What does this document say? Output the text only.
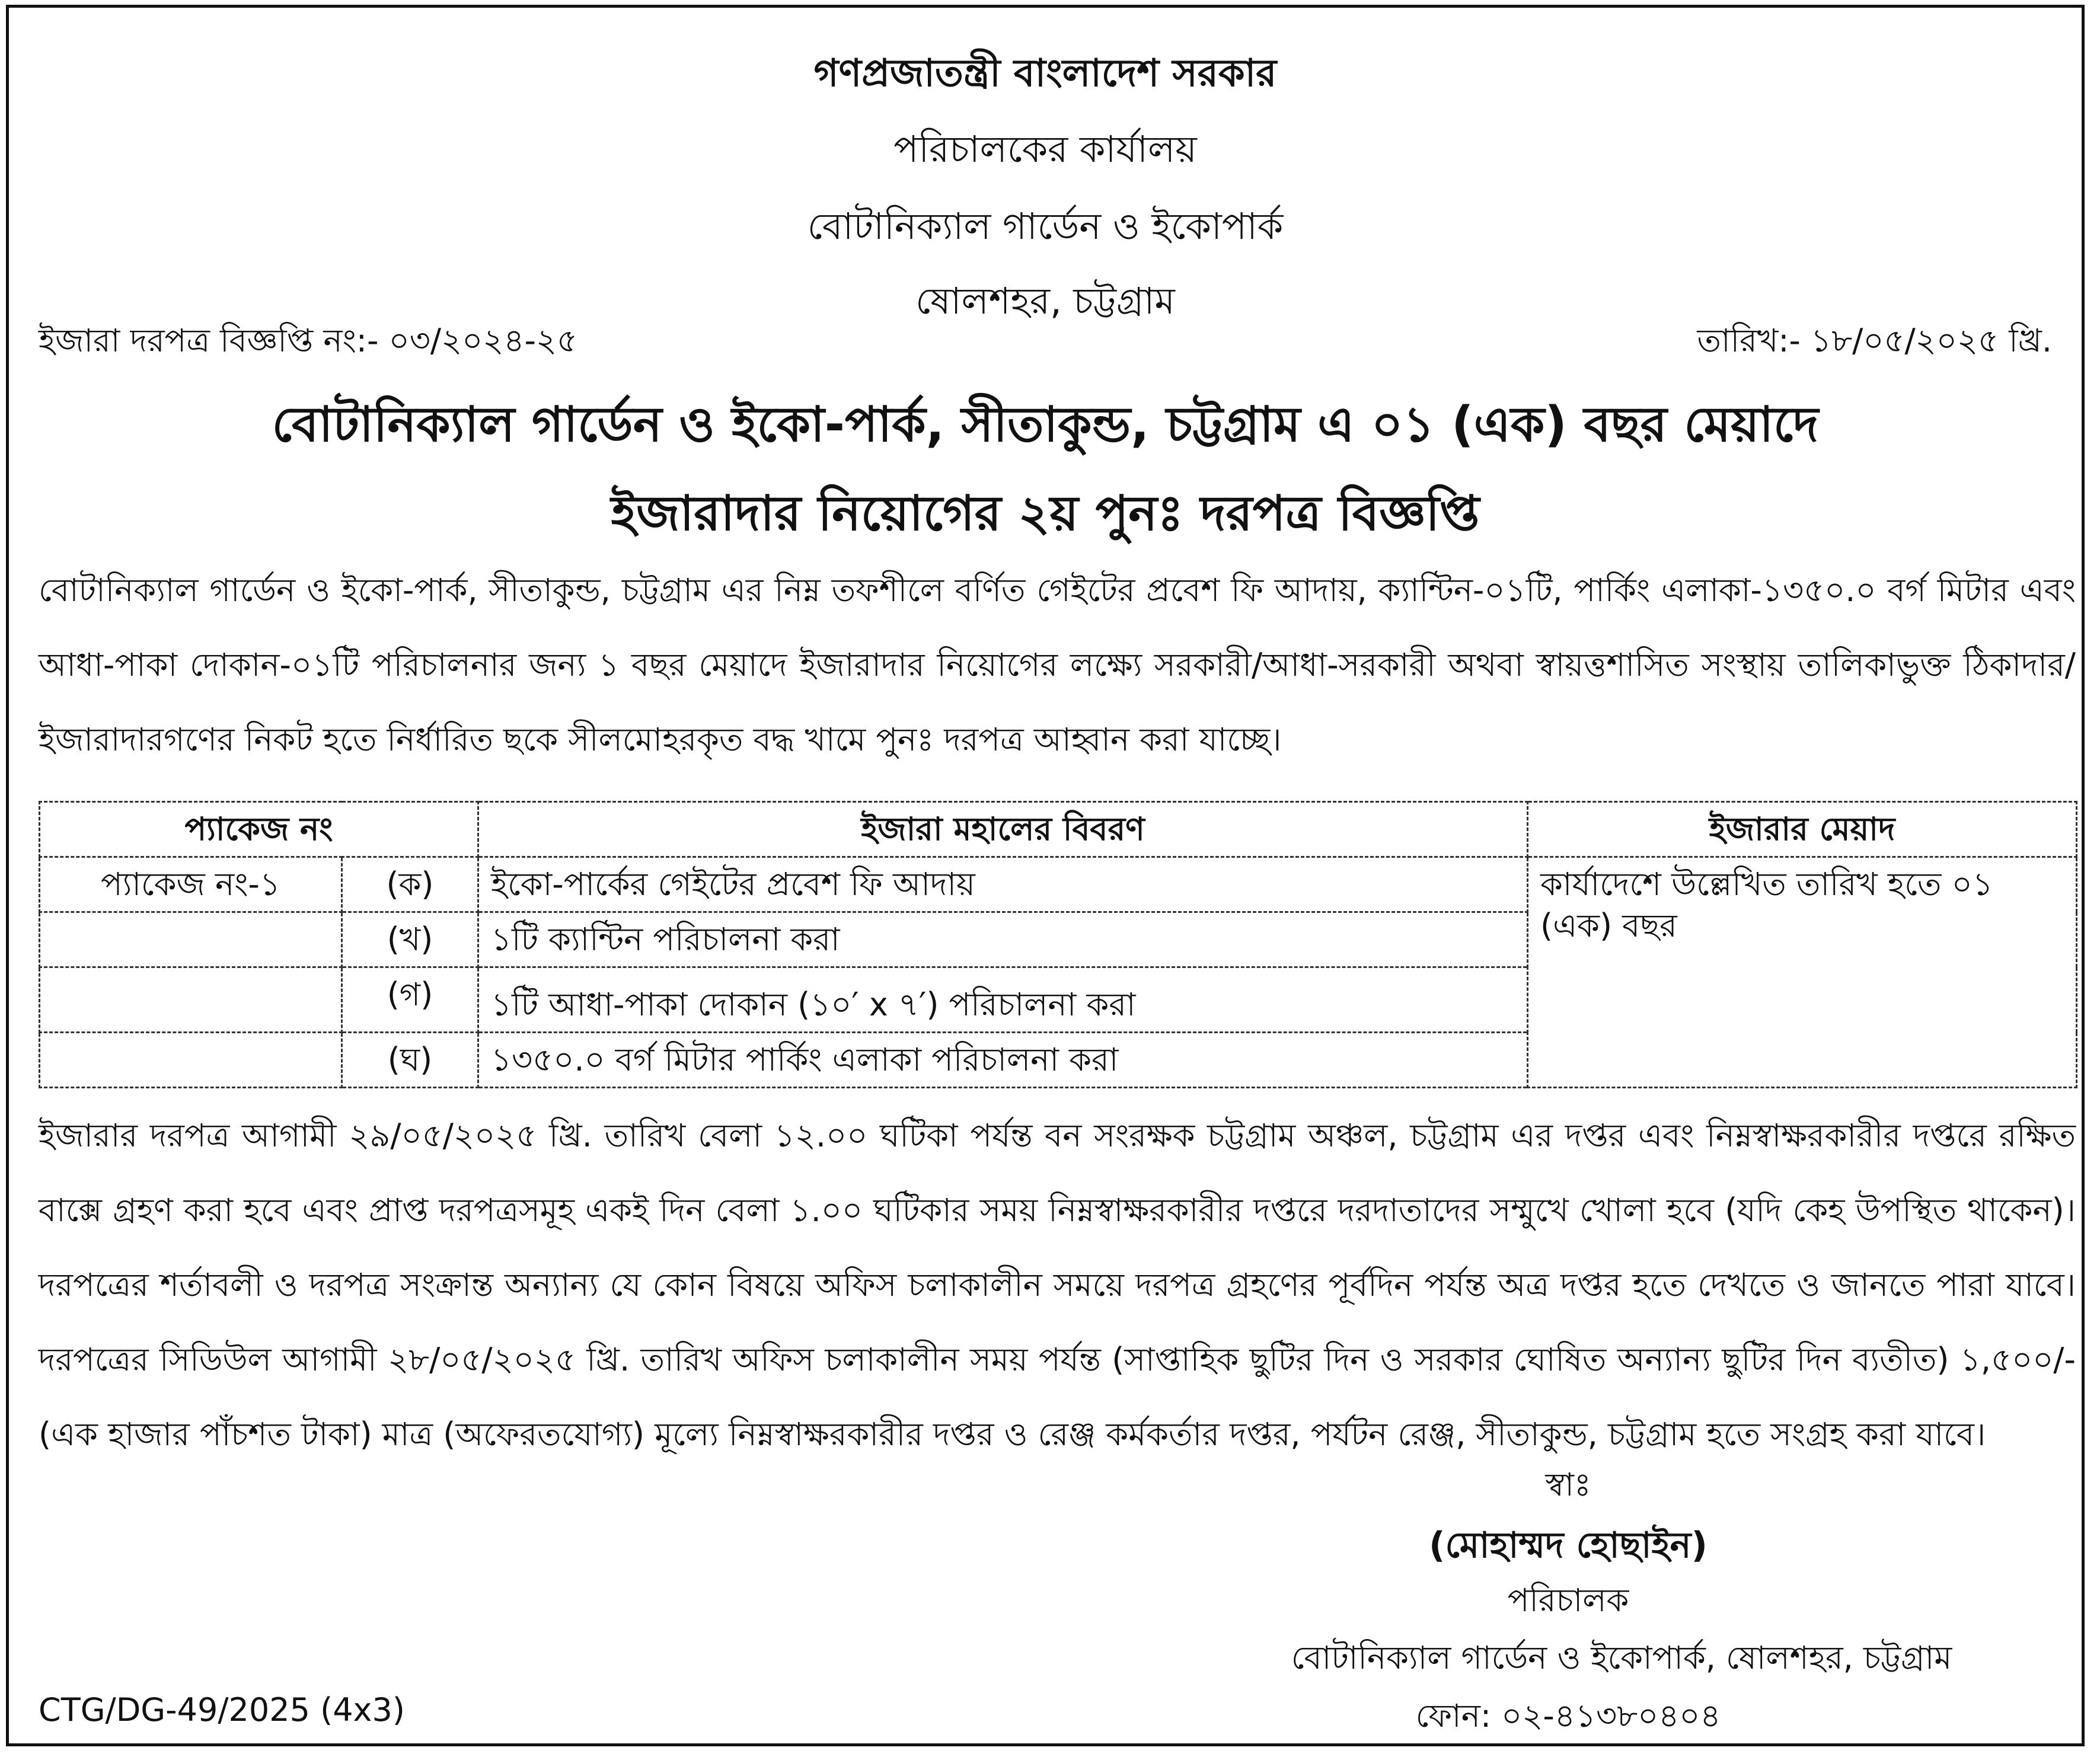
গণপ্রজাতন্ত্রী বাংলাদেশ সরকার
পরিচালকের কার্যালয়
বোটানিক্যাল গার্ডেন ও ইকোপার্ক
ষোলশহর, চট্টগ্রাম
ইজারা দরপত্র বিজ্ঞপ্তি নং:- ০৩/২০২৪-২৫	তারিখ:- ১৮/০৫/২০২৫ খ্রি.
বোটানিক্যাল গার্ডেন ও ইকো-পার্ক, সীতাকুন্ড, চট্টগ্রাম এ ০১ (এক) বছর মেয়াদে
ইজারাদার নিয়োগের ২য় পুনঃ দরপত্র বিজ্ঞপ্তি
বোটানিক্যাল গার্ডেন ও ইকো-পার্ক, সীতাকুন্ড, চট্টগ্রাম এর নিম্ন তফশীলে বর্ণিত গেইটের প্রবেশ ফি আদায়, ক্যান্টিন-০১টি, পার্কিং এলাকা-১৩৫০.০ বর্গ মিটার এবং আধা-পাকা দোকান-০১টি পরিচালনার জন্য ১ বছর মেয়াদে ইজারাদার নিয়োগের লক্ষ্যে সরকারী/আধা-সরকারী অথবা স্বায়ত্তশাসিত সংস্থায় তালিকাভুক্ত ঠিকাদার/ইজারাদারগণের নিকট হতে নির্ধারিত ছকে সীলমোহরকৃত বদ্ধ খামে পুনঃ দরপত্র আহ্বান করা যাচ্ছে।
প্যাকেজ নং		ইজারা মহালের বিবরণ	ইজারার মেয়াদ
প্যাকেজ নং-১	(ক)	ইকো-পার্কের গেইটের প্রবেশ ফি আদায়	কার্যাদেশে উল্লেখিত তারিখ হতে ০১ (এক) বছর
	(খ)	১টি ক্যান্টিন পরিচালনা করা	
	(গ)	১টি আধা-পাকা দোকান (১০′ x ৭′) পরিচালনা করা	
	(ঘ)	১৩৫০.০ বর্গ মিটার পার্কিং এলাকা পরিচালনা করা	
ইজারার দরপত্র আগামী ২৯/০৫/২০২৫ খ্রি. তারিখ বেলা ১২.০০ ঘটিকা পর্যন্ত বন সংরক্ষক চট্টগ্রাম অঞ্চল, চট্টগ্রাম এর দপ্তর এবং নিম্নস্বাক্ষরকারীর দপ্তরে রক্ষিত বাক্সে গ্রহণ করা হবে এবং প্রাপ্ত দরপত্রসমূহ একই দিন বেলা ১.০০ ঘটিকার সময় নিম্নস্বাক্ষরকারীর দপ্তরে দরদাতাদের সম্মুখে খোলা হবে (যদি কেহ উপস্থিত থাকেন)। দরপত্রের শর্তাবলী ও দরপত্র সংক্রান্ত অন্যান্য যে কোন বিষয়ে অফিস চলাকালীন সময়ে দরপত্র গ্রহণের পূর্বদিন পর্যন্ত অত্র দপ্তর হতে দেখতে ও জানতে পারা যাবে। দরপত্রের সিডিউল আগামী ২৮/০৫/২০২৫ খ্রি. তারিখ অফিস চলাকালীন সময় পর্যন্ত (সাপ্তাহিক ছুটির দিন ও সরকার ঘোষিত অন্যান্য ছুটির দিন ব্যতীত) ১,৫০০/- (এক হাজার পাঁচশত টাকা) মাত্র (অফেরতযোগ্য) মূল্যে নিম্নস্বাক্ষরকারীর দপ্তর ও রেঞ্জ কর্মকর্তার দপ্তর, পর্যটন রেঞ্জ, সীতাকুন্ড, চট্টগ্রাম হতে সংগ্রহ করা যাবে।
স্বাঃ
(মোহাম্মদ হোছাইন)
পরিচালক
বোটানিক্যাল গার্ডেন ও ইকোপার্ক, ষোলশহর, চট্টগ্রাম
ফোন: ০২-৪১৩৮০৪০৪
CTG/DG-49/2025 (4x3)
